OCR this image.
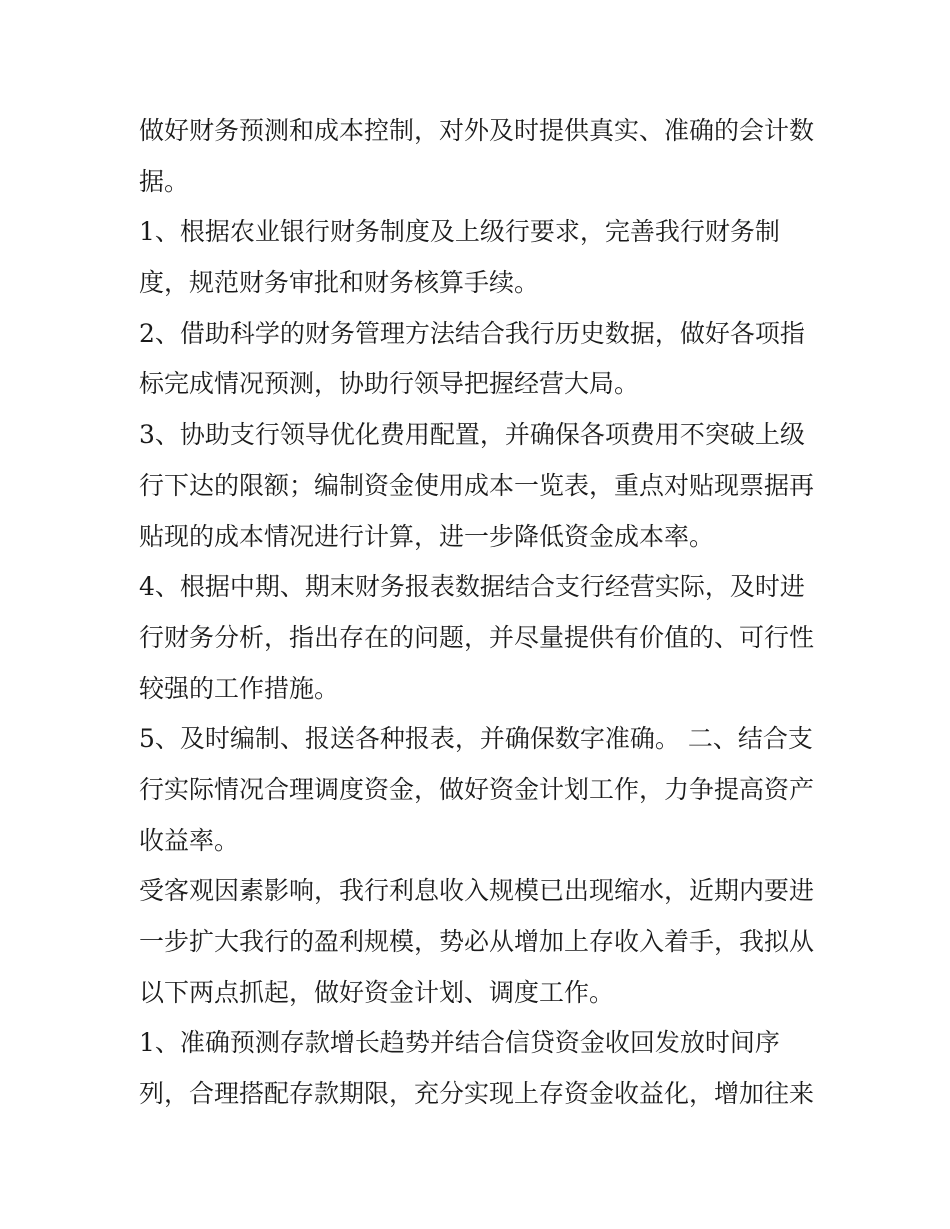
做好财务预测和成本控制，对外及时提供真实、准确的会计数
据。
1、根据农业银行财务制度及上级行要求，完善我行财务制
度，规范财务审批和财务核算手续。
2、借助科学的财务管理方法结合我行历史数据，做好各项指
标完成情况预测，协助行领导把握经营大局。
3、协助支行领导优化费用配置，并确保各项费用不突破上级
行下达的限额；编制资金使用成本一览表，重点对贴现票据再
贴现的成本情况进行计算，进一步降低资金成本率。
4、根据中期、期末财务报表数据结合支行经营实际，及时进
行财务分析，指出存在的问题，并尽量提供有价值的、可行性
较强的工作措施。
5、及时编制、报送各种报表，并确保数字准确。 二、结合支
行实际情况合理调度资金，做好资金计划工作，力争提高资产
收益率。
受客观因素影响，我行利息收入规模已出现缩水，近期内要进
一步扩大我行的盈利规模，势必从增加上存收入着手，我拟从
以下两点抓起，做好资金计划、调度工作。
1、准确预测存款增长趋势并结合信贷资金收回发放时间序
列，合理搭配存款期限，充分实现上存资金收益化，增加往来
